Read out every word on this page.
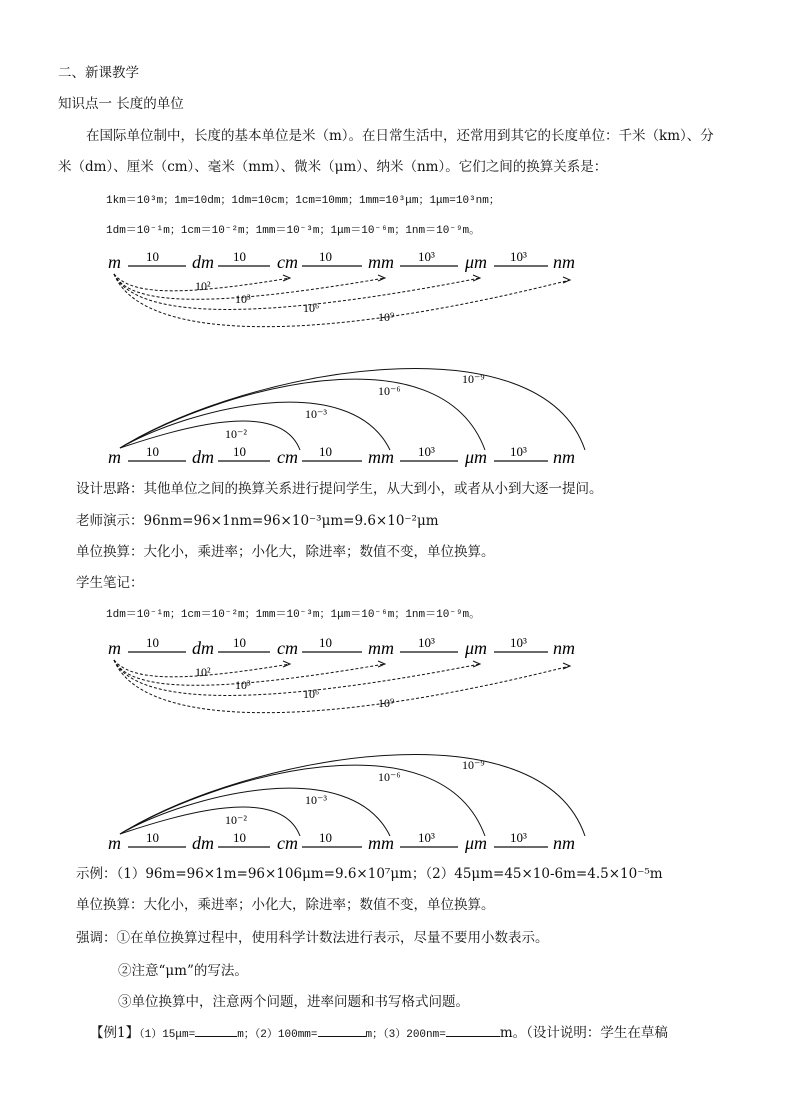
二、新课教学
知识点一 长度的单位
在国际单位制中，长度的基本单位是米（m）。在日常生活中，还常用到其它的长度单位：千米（km）、分
米（dm）、厘米（cm）、毫米（mm）、微米（μm）、纳米（nm）。它们之间的换算关系是：
1km＝10³m；1m=10dm；1dm=10cm；1cm=10mm；1mm=10³μm；1μm=10³nm；
1dm＝10⁻¹m；1cm＝10⁻²m；1mm＝10⁻³m；1μm＝10⁻⁶m；1nm＝10⁻⁹m。
m	dm	cm	mm	μm	nm
10	10	10	10³	10³
10²
10³
10⁶
10⁹
10⁻²
10⁻³
10⁻⁶
10⁻⁹
m	dm	cm	mm	μm	nm
10	10	10	10³	10³
设计思路：其他单位之间的换算关系进行提问学生，从大到小，或者从小到大逐一提问。
老师演示：96nm=96×1nm=96×10⁻³μm=9.6×10⁻²μm
单位换算：大化小，乘进率；小化大，除进率；数值不变，单位换算。
学生笔记：
1dm＝10⁻¹m；1cm＝10⁻²m；1mm＝10⁻³m；1μm＝10⁻⁶m；1nm＝10⁻⁹m。
m	dm	cm	mm	μm	nm
10	10	10	10³	10³
10²
10³
10⁶
10⁹
10⁻²
10⁻³
10⁻⁶
10⁻⁹
m	dm	cm	mm	μm	nm
10	10	10	10³	10³
示例：（1）96m=96×1m=96×106μm=9.6×10⁷μm；（2）45μm=45×10-6m=4.5×10⁻⁵m
单位换算：大化小，乘进率；小化大，除进率；数值不变，单位换算。
强调：①在单位换算过程中，使用科学计数法进行表示，尽量不要用小数表示。
②注意“μm”的写法。
③单位换算中，注意两个问题，进率问题和书写格式问题。
【例1】（1）15μm=	m；（2）100mm=	m；（3）200nm=	m。（设计说明：学生在草稿
